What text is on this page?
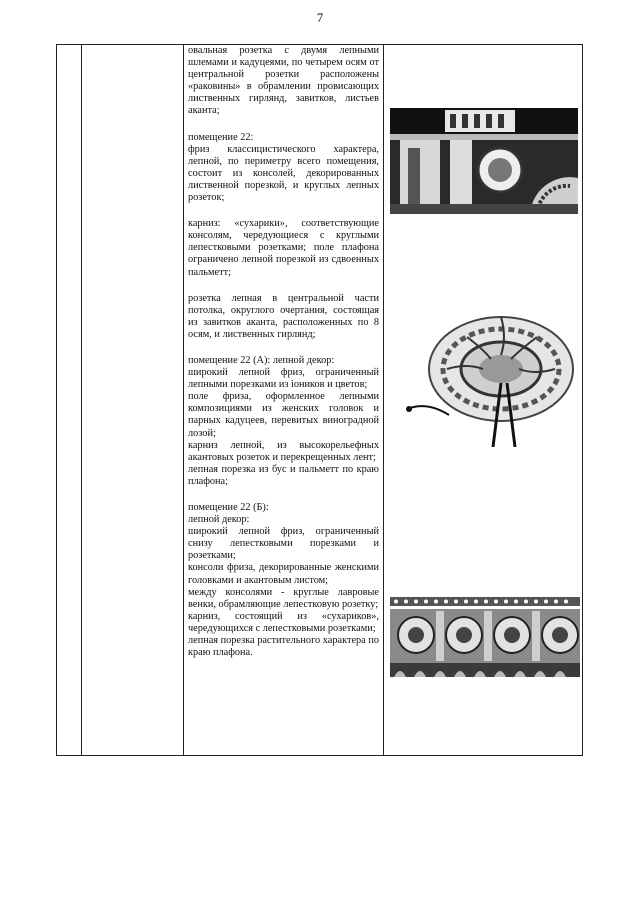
7

овальная розетка с двумя лепными шлемами и кадуцеями, по четырем осям от центральной розетки расположены «раковины» в обрамлении провисающих лиственных гирлянд, завитков, листьев аканта;

помещение 22:

фриз классицистического характера, лепной, по периметру всего помещения, состоит из консолей, декорированных лиственной порезкой, и круглых лепных розеток;

карниз: «сухарики», соответствующие консолям, чередующиеся с круглыми лепестковыми розетками; поле плафона ограничено лепной порезкой из сдвоенных пальметт;

розетка лепная в центральной части потолка, округлого очертания, состоящая из завитков аканта, расположенных по 8 осям, и лиственных гирлянд;

помещение 22 (А): лепной декор:

широкий лепной фриз, ограниченный лепными порезками из ioников и цветов;

поле фриза, оформленное лепными композициями из женских головок и парных кадуцеев, перевитых виноградной лозой;

карниз лепной, из высокорельефных акантовых розеток и перекрещенных лент;

лепная порезка из бус и пальметт по краю плафона;

помещение 22 (Б):

лепной декор:

широкий лепной фриз, ограниченный снизу лепестковыми порезками и розетками;

консоли фриза, декорированные женскими головками и акантовым листом;

между консолями - круглые лавровые венки, обрамляющие лепестковую розетку;

карниз, состоящий из «сухариков», чередующихся с лепестковыми розетками;

лепная порезка растительного характера по краю плафона.
